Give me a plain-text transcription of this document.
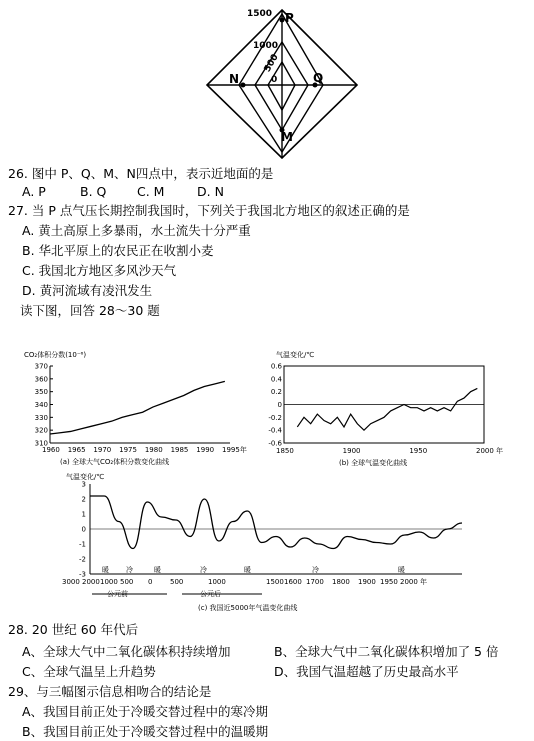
1500
1000
500
0
P
Q
M
N
26. 图中 P、Q、M、N四点中，表示近地面的是
A. P	B. Q C. M	D. N
27. 当 P 点气压长期控制我国时，下列关于我国北方地区的叙述正确的是
A. 黄土高原上多暴雨，水土流失十分严重
B. 华北平原上的农民正在收割小麦
C. 我国北方地区多风沙天气
D. 黄河流域有凌汛发生
读下图，回答 28～30 题
CO₂体积分数(10⁻⁶)
370
360
350
340
330
320
310
1960 1965 1970 1975 1980 1985 1990 1995年
(a) 全球大气CO₂体积分数变化曲线
气温变化/℃
0.6
0.4
0.2
0
-0.2
-0.4
-0.6
1850	1900	1950	2000 年
(b) 全球气温变化曲线
气温变化/℃
3
2
1
0
-1
-2
-3
3000 2000 1000 500 0	500	1000	1500 1600 1700 1800 1900 1950 2000 年
暖 冷	暖	冷	暖	冷	暖
公元前	公元后
(c) 我国近5000年气温变化曲线
28. 20 世纪 60 年代后
A、全球大气中二氧化碳体积持续增加	B、全球大气中二氧化碳体积增加了 5 倍
C、全球气温呈上升趋势	D、我国气温超越了历史最高水平
29、与三幅图示信息相吻合的结论是
A、我国目前正处于冷暖交替过程中的寒冷期
B、我国目前正处于冷暖交替过程中的温暖期
